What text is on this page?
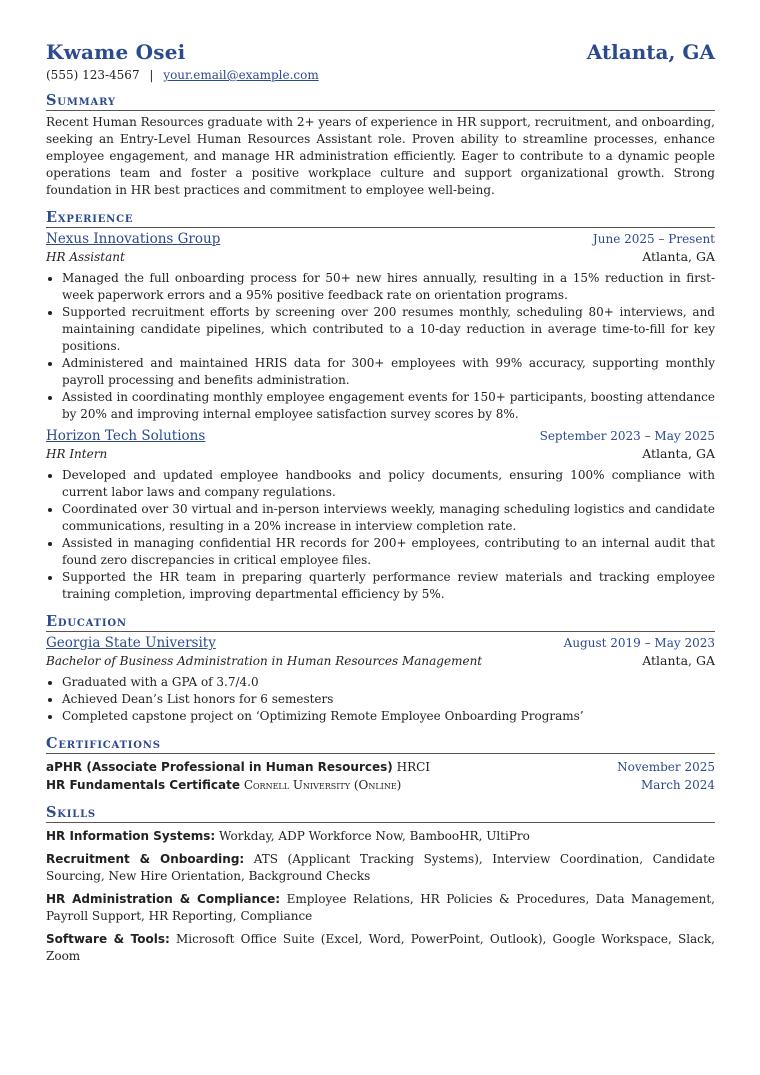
Kwame Osei	Atlanta, GA
(555) 123-4567 | your.email@example.com
Summary
Recent Human Resources graduate with 2+ years of experience in HR support, recruitment, and onboarding, seeking an Entry-Level Human Resources Assistant role. Proven ability to streamline processes, enhance employee engagement, and manage HR administration efficiently. Eager to contribute to a dynamic people operations team and foster a positive workplace culture and support organizational growth. Strong foundation in HR best practices and commitment to employee well-being.
Experience
Nexus Innovations Group	June 2025 – Present
HR Assistant	Atlanta, GA
• Managed the full onboarding process for 50+ new hires annually, resulting in a 15% reduction in first-week paperwork errors and a 95% positive feedback rate on orientation programs.
• Supported recruitment efforts by screening over 200 resumes monthly, scheduling 80+ interviews, and maintaining candidate pipelines, which contributed to a 10-day reduction in average time-to-fill for key positions.
• Administered and maintained HRIS data for 300+ employees with 99% accuracy, supporting monthly payroll processing and benefits administration.
• Assisted in coordinating monthly employee engagement events for 150+ participants, boosting attendance by 20% and improving internal employee satisfaction survey scores by 8%.
Horizon Tech Solutions	September 2023 – May 2025
HR Intern	Atlanta, GA
• Developed and updated employee handbooks and policy documents, ensuring 100% compliance with current labor laws and company regulations.
• Coordinated over 30 virtual and in-person interviews weekly, managing scheduling logistics and candidate communications, resulting in a 20% increase in interview completion rate.
• Assisted in managing confidential HR records for 200+ employees, contributing to an internal audit that found zero discrepancies in critical employee files.
• Supported the HR team in preparing quarterly performance review materials and tracking employee training completion, improving departmental efficiency by 5%.
Education
Georgia State University	August 2019 – May 2023
Bachelor of Business Administration in Human Resources Management	Atlanta, GA
• Graduated with a GPA of 3.7/4.0
• Achieved Dean’s List honors for 6 semesters
• Completed capstone project on ‘Optimizing Remote Employee Onboarding Programs’
Certifications
aPHR (Associate Professional in Human Resources) HRCI	November 2025
HR Fundamentals Certificate Cornell University (Online)	March 2024
Skills
HR Information Systems: Workday, ADP Workforce Now, BambooHR, UltiPro
Recruitment & Onboarding: ATS (Applicant Tracking Systems), Interview Coordination, Candidate Sourcing, New Hire Orientation, Background Checks
HR Administration & Compliance: Employee Relations, HR Policies & Procedures, Data Management, Payroll Support, HR Reporting, Compliance
Software & Tools: Microsoft Office Suite (Excel, Word, PowerPoint, Outlook), Google Workspace, Slack, Zoom
